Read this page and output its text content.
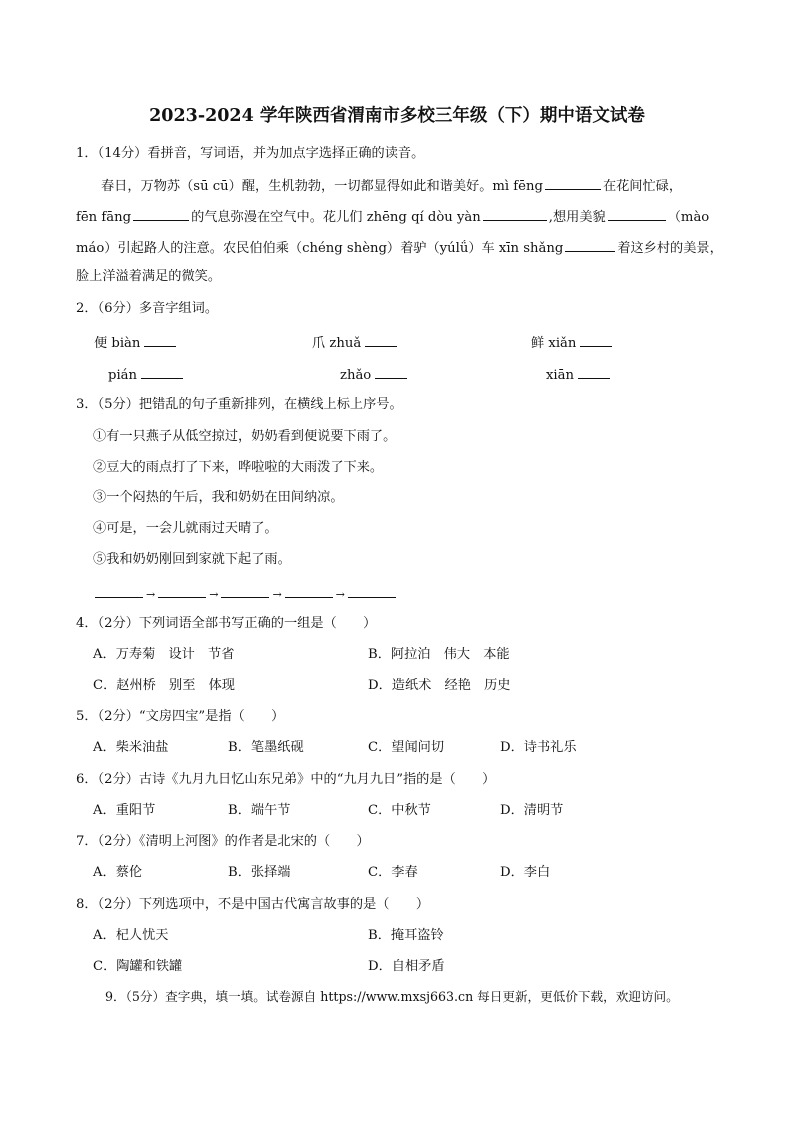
2023-2024 学年陕西省渭南市多校三年级（下）期中语文试卷
1．（14分）看拼音，写词语，并为加点字选择正确的读音。
春日，万物苏（sū cū）醒，生机勃勃，一切都显得如此和谐美好。mì fēng	在花间忙碌，
fēn fāng	的气息弥漫在空气中。花儿们 zhēng qí dòu yàn	,想用美貌	（mào
máo）引起路人的注意。农民伯伯乘（chéng shèng）着驴（yúlǘ）车 xīn shǎng	着这乡村的美景，
脸上洋溢着满足的微笑。
2．（6分）多音字组词。
便 biàn	爪 zhuǎ	鲜 xiǎn
pián	zhǎo	xiān
3．（5分）把错乱的句子重新排列，在横线上标上序号。
①有一只燕子从低空掠过，奶奶看到便说要下雨了。
②豆大的雨点打了下来，哗啦啦的大雨泼了下来。
③一个闷热的午后，我和奶奶在田间纳凉。
④可是，一会儿就雨过天晴了。
⑤我和奶奶刚回到家就下起了雨。
→	→	→	→
4．（2分）下列词语全部书写正确的一组是（　　）
A．万寿菊　设计　节省	B．阿拉泊　伟大　本能
C．赵州桥　别至　体现	D．造纸术　经艳　历史
5．（2分）“文房四宝”是指（　　）
A．柴米油盐	B．笔墨纸砚	C．望闻问切	D．诗书礼乐
6．（2分）古诗《九月九日忆山东兄弟》中的“九月九日”指的是（　　）
A．重阳节	B．端午节	C．中秋节	D．清明节
7．（2分）《清明上河图》的作者是北宋的（　　）
A．蔡伦	B．张择端	C．李春	D．李白
8．（2分）下列选项中，不是中国古代寓言故事的是（　　）
A．杞人忧天	B．掩耳盗铃
C．陶罐和铁罐	D．自相矛盾
9．（5分）查字典，填一填。试卷源自 https://www.mxsj663.cn 每日更新，更低价下载，欢迎访问。
